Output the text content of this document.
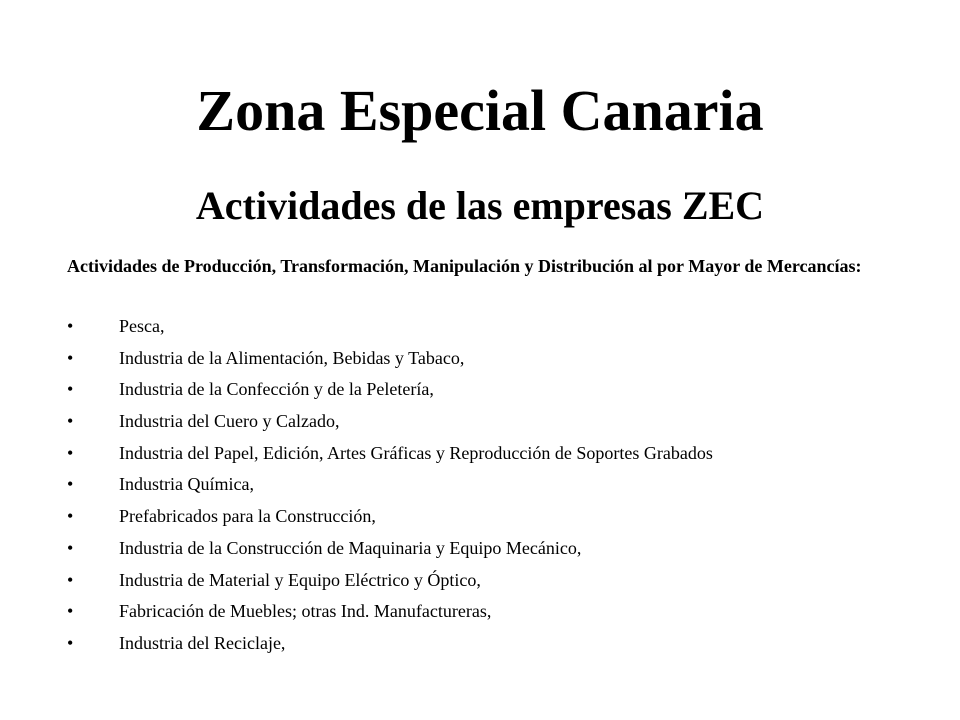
Zona Especial Canaria
Actividades de las empresas ZEC

Actividades de Producción, Transformación, Manipulación y Distribución al por Mayor de Mercancías:

•	Pesca,
•	Industria de la Alimentación, Bebidas y Tabaco,
•	Industria de la Confección y de la Peletería,
•	Industria del Cuero y Calzado,
•	Industria del Papel, Edición, Artes Gráficas y Reproducción de Soportes Grabados
•	Industria Química,
•	Prefabricados para la Construcción,
•	Industria de la Construcción de Maquinaria y Equipo Mecánico,
•	Industria de Material y Equipo Eléctrico y Óptico,
•	Fabricación de Muebles; otras Ind. Manufactureras,
•	Industria del Reciclaje,
